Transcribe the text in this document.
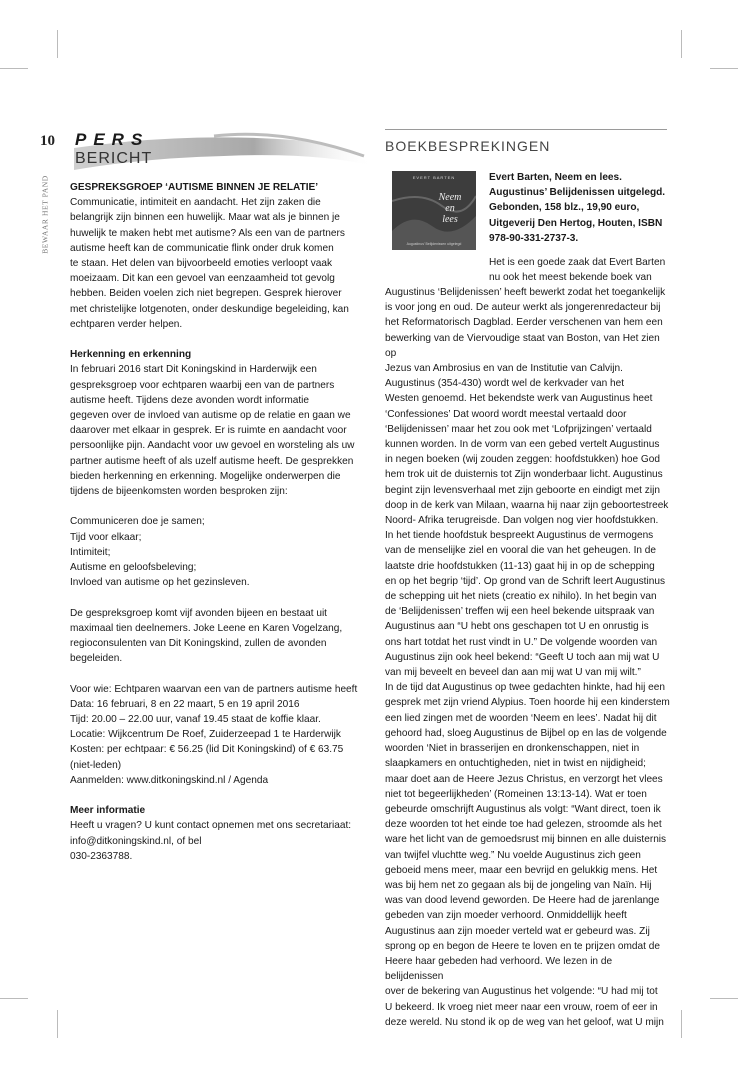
10
BEWAAR HET PAND
PERS
BERICHT

GESPREKSGROEP ‘AUTISME BINNEN JE RELATIE’

Communicatie, intimiteit en aandacht. Het zijn zaken die
belangrijk zijn binnen een huwelijk. Maar wat als je binnen je
huwelijk te maken hebt met autisme? Als een van de partners
autisme heeft kan de communicatie flink onder druk komen
te staan. Het delen van bijvoorbeeld emoties verloopt vaak
moeizaam. Dit kan een gevoel van eenzaamheid tot gevolg
hebben. Beiden voelen zich niet begrepen. Gesprek hierover
met christelijke lotgenoten, onder deskundige begeleiding, kan
echtparen verder helpen.

Herkenning en erkenning

In februari 2016 start Dit Koningskind in Harderwijk een
gespreksgroep voor echtparen waarbij een van de partners
autisme heeft. Tijdens deze avonden wordt informatie
gegeven over de invloed van autisme op de relatie en gaan we
daarover met elkaar in gesprek. Er is ruimte en aandacht voor
persoonlijke pijn. Aandacht voor uw gevoel en worsteling als uw
partner autisme heeft of als uzelf autisme heeft. De gesprekken
bieden herkenning en erkenning. Mogelijke onderwerpen die
tijdens de bijeenkomsten worden besproken zijn:

Communiceren doe je samen;
Tijd voor elkaar;
Intimiteit;
Autisme en geloofsbeleving;
Invloed van autisme op het gezinsleven.

De gespreksgroep komt vijf avonden bijeen en bestaat uit
maximaal tien deelnemers. Joke Leene en Karen Vogelzang,
regioconsulenten van Dit Koningskind, zullen de avonden
begeleiden.

Voor wie: Echtparen waarvan een van de partners autisme heeft
Data: 16 februari, 8 en 22 maart, 5 en 19 april 2016
Tijd: 20.00 – 22.00 uur, vanaf 19.45 staat de koffie klaar.
Locatie: Wijkcentrum De Roef, Zuiderzeepad 1 te Harderwijk
Kosten: per echtpaar: € 56.25 (lid Dit Koningskind) of € 63.75
(niet-leden)
Aanmelden: www.ditkoningskind.nl / Agenda

Meer informatie

Heeft u vragen? U kunt contact opnemen met ons secretariaat:
info@ditkoningskind.nl, of bel
030-2363788.

BOEKBESPREKINGEN
EVERT BARTEN
Neem
en
lees
Augustinus’ Belijdenissen uitgelegd
Evert Barten, Neem en lees.
Augustinus’ Belijdenissen uitgelegd.
Gebonden, 158 blz., 19,90 euro,
Uitgeverij Den Hertog, Houten, ISBN
978-90-331-2737-3.
Het is een goede zaak dat Evert Barten
nu ook het meest bekende boek van
Augustinus ‘Belijdenissen’ heeft bewerkt zodat het toegankelijk
is voor jong en oud. De auteur werkt als jongerenredacteur bij
het Reformatorisch Dagblad. Eerder verschenen van hem een
bewerking van de Viervoudige staat van Boston, van Het zien op
Jezus van Ambrosius en van de Institutie van Calvijn.
Augustinus (354-430) wordt wel de kerkvader van het
Westen genoemd. Het bekendste werk van Augustinus heet
‘Confessiones’ Dat woord wordt meestal vertaald door
‘Belijdenissen’ maar het zou ook met ‘Lofprijzingen’ vertaald
kunnen worden. In de vorm van een gebed vertelt Augustinus
in negen boeken (wij zouden zeggen: hoofdstukken) hoe God
hem trok uit de duisternis tot Zijn wonderbaar licht. Augustinus
begint zijn levensverhaal met zijn geboorte en eindigt met zijn
doop in de kerk van Milaan, waarna hij naar zijn geboortestreek
Noord- Afrika terugreisde. Dan volgen nog vier hoofdstukken.
In het tiende hoofdstuk bespreekt Augustinus de vermogens
van de menselijke ziel en vooral die van het geheugen. In de
laatste drie hoofdstukken (11-13) gaat hij in op de schepping
en op het begrip ‘tijd’. Op grond van de Schrift leert Augustinus
de schepping uit het niets (creatio ex nihilo). In het begin van
de ‘Belijdenissen’ treffen wij een heel bekende uitspraak van
Augustinus aan “U hebt ons geschapen tot U en onrustig is
ons hart totdat het rust vindt in U.” De volgende woorden van
Augustinus zijn ook heel bekend: “Geeft U toch aan mij wat U
van mij beveelt en beveel dan aan mij wat U van mij wilt.”
In de tijd dat Augustinus op twee gedachten hinkte, had hij een
gesprek met zijn vriend Alypius. Toen hoorde hij een kinderstem
een lied zingen met de woorden ‘Neem en lees’. Nadat hij dit
gehoord had, sloeg Augustinus de Bijbel op en las de volgende
woorden ‘Niet in brasserijen en dronkenschappen, niet in
slaapkamers en ontuchtigheden, niet in twist en nijdigheid;
maar doet aan de Heere Jezus Christus, en verzorgt het vlees
niet tot begeerlijkheden’ (Romeinen 13:13-14). Wat er toen
gebeurde omschrijft Augustinus als volgt: “Want direct, toen ik
deze woorden tot het einde toe had gelezen, stroomde als het
ware het licht van de gemoedsrust mij binnen en alle duisternis
van twijfel vluchtte weg.” Nu voelde Augustinus zich geen
geboeid mens meer, maar een bevrijd en gelukkig mens. Het
was bij hem net zo gegaan als bij de jongeling van Naïn. Hij
was van dood levend geworden. De Heere had de jarenlange
gebeden van zijn moeder verhoord. Onmiddellijk heeft
Augustinus aan zijn moeder verteld wat er gebeurd was. Zij
sprong op en begon de Heere te loven en te prijzen omdat de
Heere haar gebeden had verhoord. We lezen in de belijdenissen
over de bekering van Augustinus het volgende: “U had mij tot
U bekeerd. Ik vroeg niet meer naar een vrouw, roem of eer in
deze wereld. Nu stond ik op de weg van het geloof, wat U mijn
